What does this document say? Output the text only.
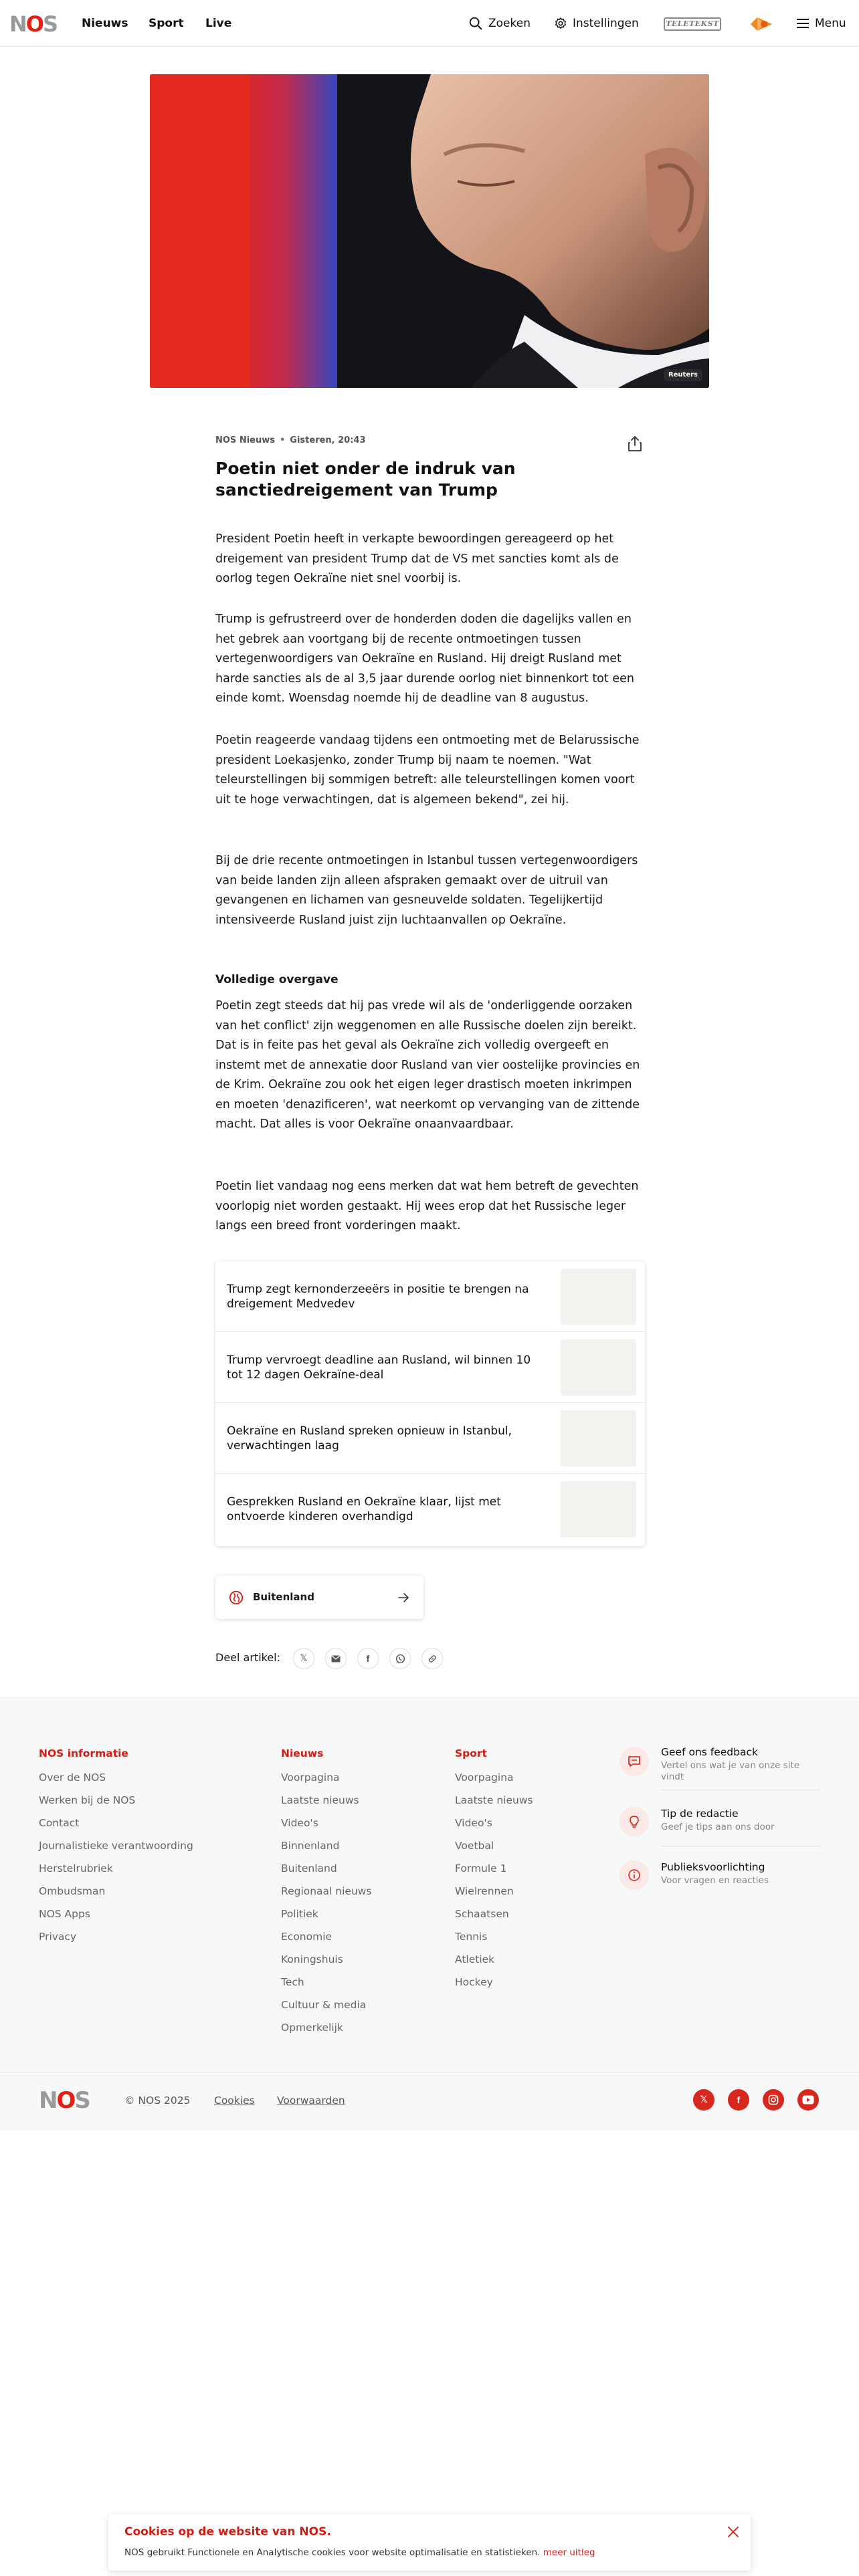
NOS Nieuws Sport Live	Zoeken	Instellingen	TELETEKST	Menu
Reuters
NOS Nieuws • Gisteren, 20:43
Poetin niet onder de indruk van sanctiedreigement van Trump

President Poetin heeft in verkapte bewoordingen gereageerd op het dreigement van president Trump dat de VS met sancties komt als de oorlog tegen Oekraïne niet snel voorbij is.

Trump is gefrustreerd over de honderden doden die dagelijks vallen en het gebrek aan voortgang bij de recente ontmoetingen tussen vertegenwoordigers van Oekraïne en Rusland. Hij dreigt Rusland met harde sancties als de al 3,5 jaar durende oorlog niet binnenkort tot een einde komt. Woensdag noemde hij de deadline van 8 augustus.

Poetin reageerde vandaag tijdens een ontmoeting met de Belarussische president Loekasjenko, zonder Trump bij naam te noemen. "Wat teleurstellingen bij sommigen betreft: alle teleurstellingen komen voort uit te hoge verwachtingen, dat is algemeen bekend", zei hij.

Bij de drie recente ontmoetingen in Istanbul tussen vertegenwoordigers van beide landen zijn alleen afspraken gemaakt over de uitruil van gevangenen en lichamen van gesneuvelde soldaten. Tegelijkertijd intensiveerde Rusland juist zijn luchtaanvallen op Oekraïne.

Volledige overgave

Poetin zegt steeds dat hij pas vrede wil als de 'onderliggende oorzaken van het conflict' zijn weggenomen en alle Russische doelen zijn bereikt. Dat is in feite pas het geval als Oekraïne zich volledig overgeeft en instemt met de annexatie door Rusland van vier oostelijke provincies en de Krim. Oekraïne zou ook het eigen leger drastisch moeten inkrimpen en moeten 'denazificeren', wat neerkomt op vervanging van de zittende macht. Dat alles is voor Oekraïne onaanvaardbaar.

Poetin liet vandaag nog eens merken dat wat hem betreft de gevechten voorlopig niet worden gestaakt. Hij wees erop dat het Russische leger langs een breed front vorderingen maakt.

Trump zegt kernonderzeeërs in positie te brengen na dreigement Medvedev
Trump vervroegt deadline aan Rusland, wil binnen 10 tot 12 dagen Oekraïne-deal
Oekraïne en Rusland spreken opnieuw in Istanbul, verwachtingen laag
Gesprekken Rusland en Oekraïne klaar, lijst met ontvoerde kinderen overhandigd
Buitenland
Deel artikel: 𝕏	f
NOS informatie
Over de NOS
Werken bij de NOS
Contact
Journalistieke verantwoording
Herstelrubriek
Ombudsman
NOS Apps
Privacy
Nieuws
Voorpagina
Laatste nieuws
Video's
Binnenland
Buitenland
Regionaal nieuws
Politiek
Economie
Koningshuis
Tech
Cultuur & media
Opmerkelijk
Sport
Voorpagina
Laatste nieuws
Video's
Voetbal
Formule 1
Wielrennen
Schaatsen
Tennis
Atletiek
Hockey
Geef ons feedback
Vertel ons wat je van onze site vindt
Tip de redactie
Geef je tips aan ons door
Publieksvoorlichting
Voor vragen en reacties
NOS	© NOS 2025 Cookies Voorwaarden	𝕏	f
Cookies op de website van NOS.
NOS gebruikt Functionele en Analytische cookies voor website optimalisatie en statistieken. meer uitleg
